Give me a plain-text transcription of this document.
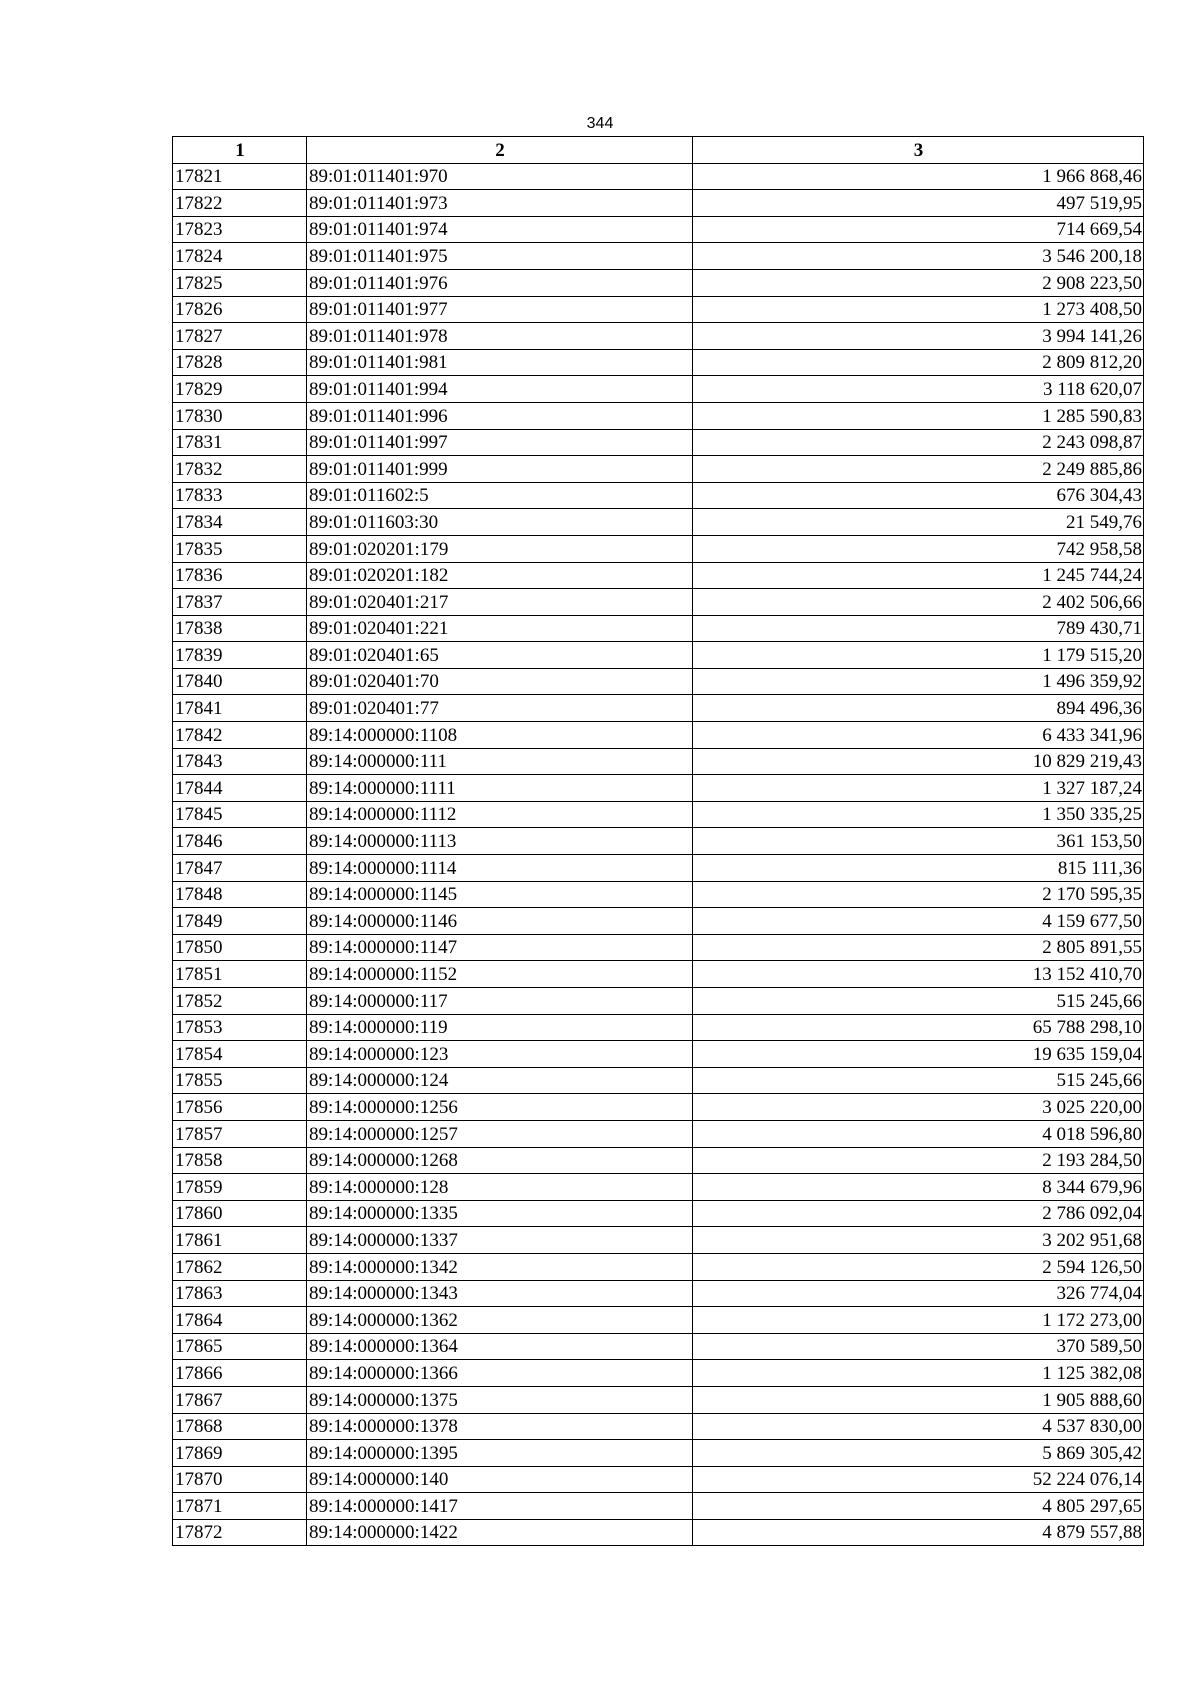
344
1	2	3
17821	89:01:011401:970	1 966 868,46
17822	89:01:011401:973	497 519,95
17823	89:01:011401:974	714 669,54
17824	89:01:011401:975	3 546 200,18
17825	89:01:011401:976	2 908 223,50
17826	89:01:011401:977	1 273 408,50
17827	89:01:011401:978	3 994 141,26
17828	89:01:011401:981	2 809 812,20
17829	89:01:011401:994	3 118 620,07
17830	89:01:011401:996	1 285 590,83
17831	89:01:011401:997	2 243 098,87
17832	89:01:011401:999	2 249 885,86
17833	89:01:011602:5	676 304,43
17834	89:01:011603:30	21 549,76
17835	89:01:020201:179	742 958,58
17836	89:01:020201:182	1 245 744,24
17837	89:01:020401:217	2 402 506,66
17838	89:01:020401:221	789 430,71
17839	89:01:020401:65	1 179 515,20
17840	89:01:020401:70	1 496 359,92
17841	89:01:020401:77	894 496,36
17842	89:14:000000:1108	6 433 341,96
17843	89:14:000000:111	10 829 219,43
17844	89:14:000000:1111	1 327 187,24
17845	89:14:000000:1112	1 350 335,25
17846	89:14:000000:1113	361 153,50
17847	89:14:000000:1114	815 111,36
17848	89:14:000000:1145	2 170 595,35
17849	89:14:000000:1146	4 159 677,50
17850	89:14:000000:1147	2 805 891,55
17851	89:14:000000:1152	13 152 410,70
17852	89:14:000000:117	515 245,66
17853	89:14:000000:119	65 788 298,10
17854	89:14:000000:123	19 635 159,04
17855	89:14:000000:124	515 245,66
17856	89:14:000000:1256	3 025 220,00
17857	89:14:000000:1257	4 018 596,80
17858	89:14:000000:1268	2 193 284,50
17859	89:14:000000:128	8 344 679,96
17860	89:14:000000:1335	2 786 092,04
17861	89:14:000000:1337	3 202 951,68
17862	89:14:000000:1342	2 594 126,50
17863	89:14:000000:1343	326 774,04
17864	89:14:000000:1362	1 172 273,00
17865	89:14:000000:1364	370 589,50
17866	89:14:000000:1366	1 125 382,08
17867	89:14:000000:1375	1 905 888,60
17868	89:14:000000:1378	4 537 830,00
17869	89:14:000000:1395	5 869 305,42
17870	89:14:000000:140	52 224 076,14
17871	89:14:000000:1417	4 805 297,65
17872	89:14:000000:1422	4 879 557,88
